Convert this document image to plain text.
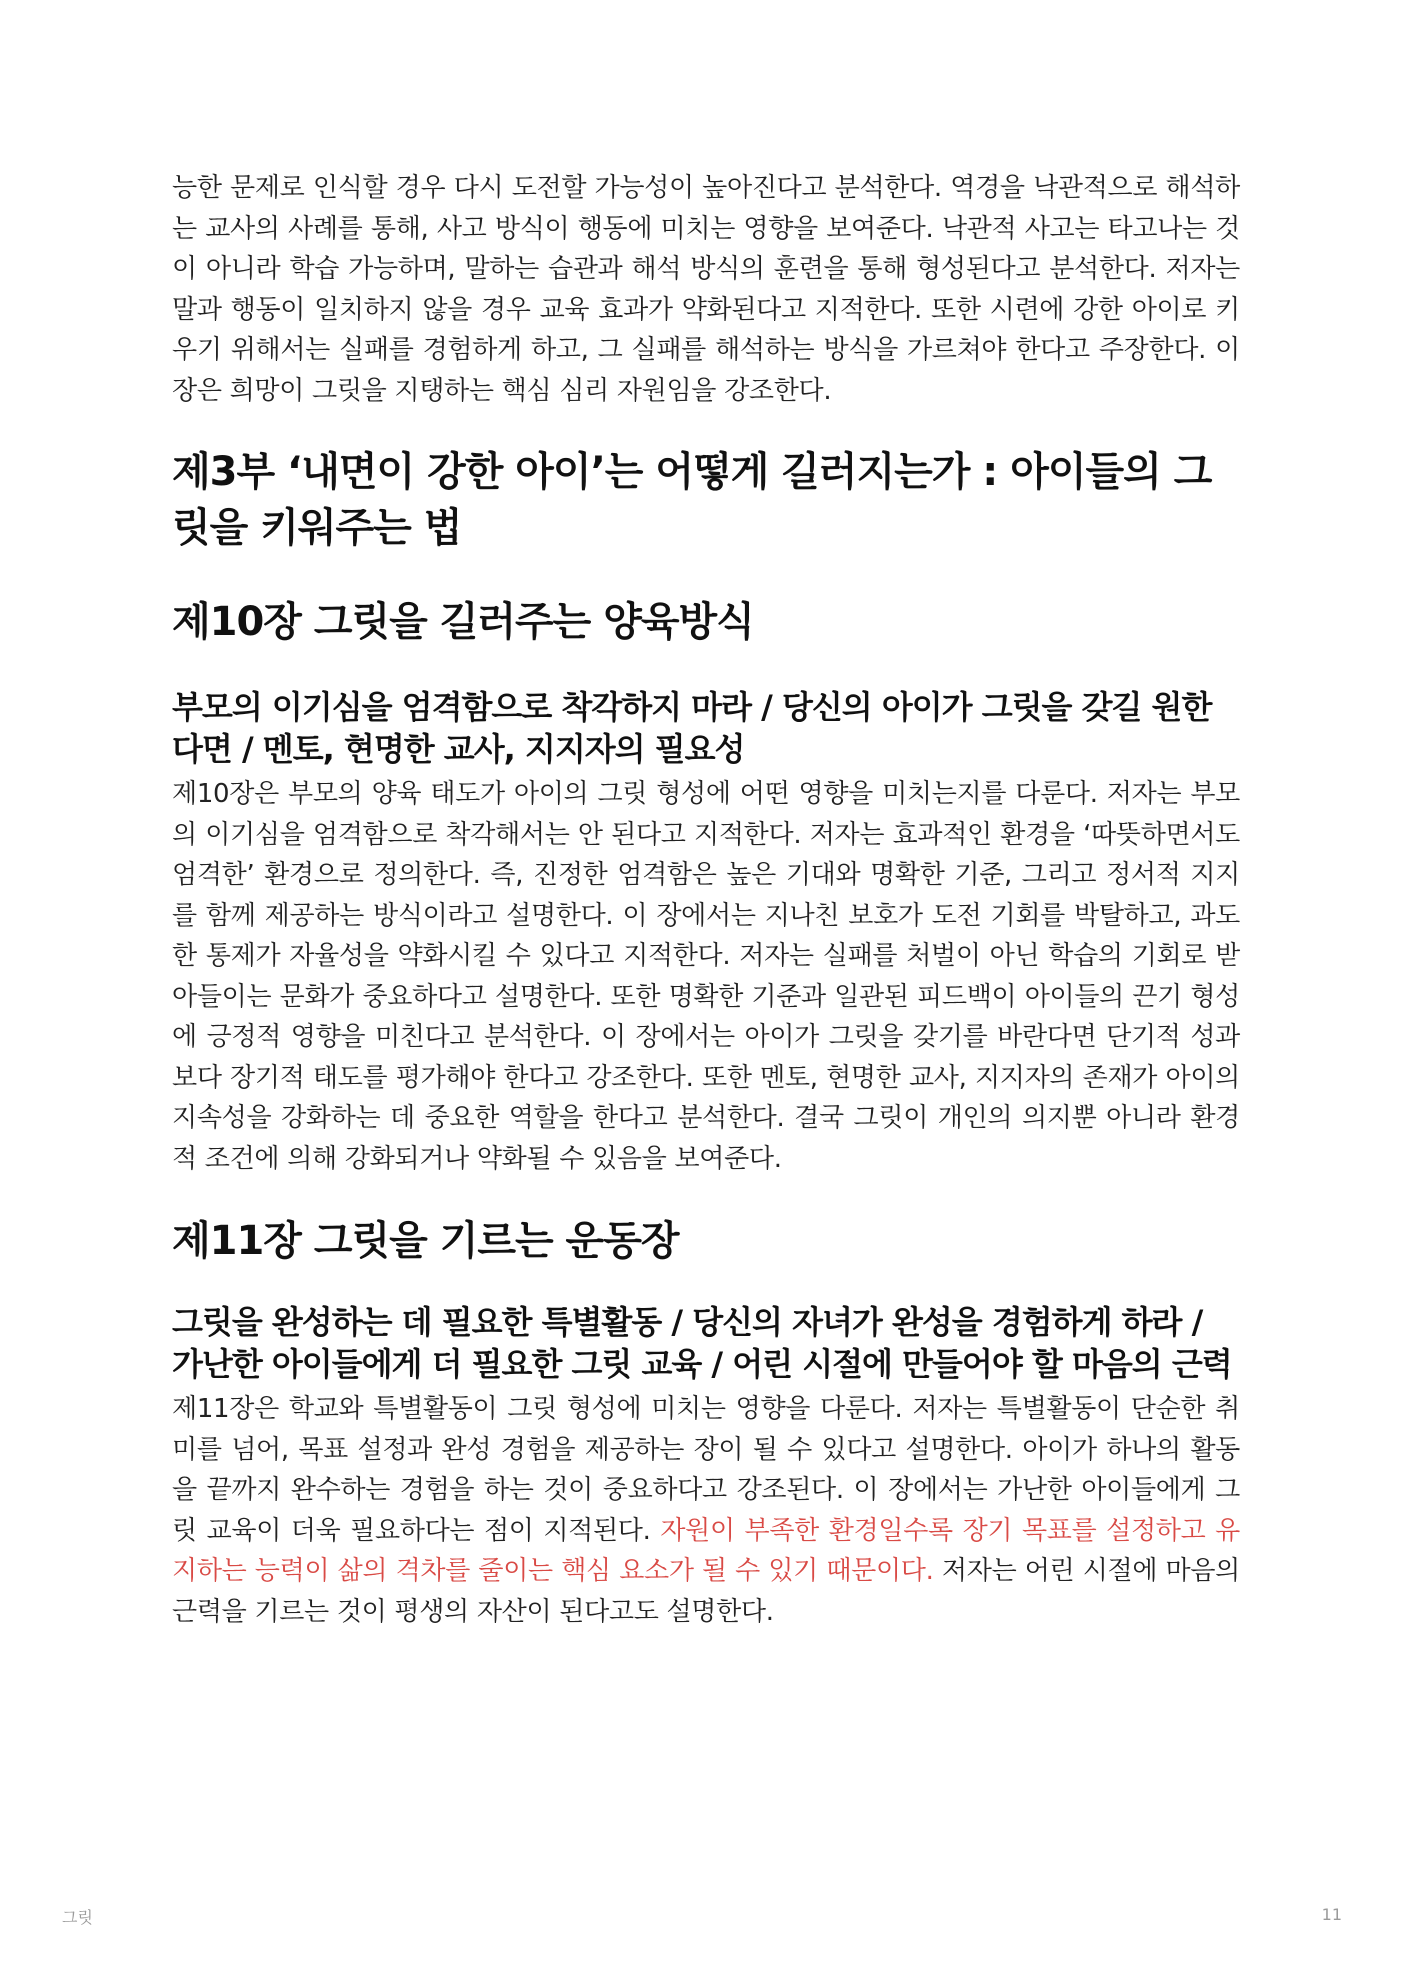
능한 문제로 인식할 경우 다시 도전할 가능성이 높아진다고 분석한다. 역경을 낙관적으로 해석하는 교사의 사례를 통해, 사고 방식이 행동에 미치는 영향을 보여준다. 낙관적 사고는 타고나는 것이 아니라 학습 가능하며, 말하는 습관과 해석 방식의 훈련을 통해 형성된다고 분석한다. 저자는 말과 행동이 일치하지 않을 경우 교육 효과가 약화된다고 지적한다. 또한 시련에 강한 아이로 키우기 위해서는 실패를 경험하게 하고, 그 실패를 해석하는 방식을 가르쳐야 한다고 주장한다. 이 장은 희망이 그릿을 지탱하는 핵심 심리 자원임을 강조한다.

제3부 ‘내면이 강한 아이’는 어떻게 길러지는가 : 아이들의 그릿을 키워주는 법
제10장 그릿을 길러주는 양육방식
부모의 이기심을 엄격함으로 착각하지 마라 / 당신의 아이가 그릿을 갖길 원한다면 / 멘토, 현명한 교사, 지지자의 필요성

제10장은 부모의 양육 태도가 아이의 그릿 형성에 어떤 영향을 미치는지를 다룬다. 저자는 부모의 이기심을 엄격함으로 착각해서는 안 된다고 지적한다. 저자는 효과적인 환경을 ‘따뜻하면서도 엄격한’ 환경으로 정의한다. 즉, 진정한 엄격함은 높은 기대와 명확한 기준, 그리고 정서적 지지를 함께 제공하는 방식이라고 설명한다. 이 장에서는 지나친 보호가 도전 기회를 박탈하고, 과도한 통제가 자율성을 약화시킬 수 있다고 지적한다. 저자는 실패를 처벌이 아닌 학습의 기회로 받아들이는 문화가 중요하다고 설명한다. 또한 명확한 기준과 일관된 피드백이 아이들의 끈기 형성에 긍정적 영향을 미친다고 분석한다. 이 장에서는 아이가 그릿을 갖기를 바란다면 단기적 성과보다 장기적 태도를 평가해야 한다고 강조한다. 또한 멘토, 현명한 교사, 지지자의 존재가 아이의 지속성을 강화하는 데 중요한 역할을 한다고 분석한다. 결국 그릿이 개인의 의지뿐 아니라 환경적 조건에 의해 강화되거나 약화될 수 있음을 보여준다.

제11장 그릿을 기르는 운동장
그릿을 완성하는 데 필요한 특별활동 / 당신의 자녀가 완성을 경험하게 하라 / 가난한 아이들에게 더 필요한 그릿 교육 / 어린 시절에 만들어야 할 마음의 근력

제11장은 학교와 특별활동이 그릿 형성에 미치는 영향을 다룬다. 저자는 특별활동이 단순한 취미를 넘어, 목표 설정과 완성 경험을 제공하는 장이 될 수 있다고 설명한다. 아이가 하나의 활동을 끝까지 완수하는 경험을 하는 것이 중요하다고 강조된다. 이 장에서는 가난한 아이들에게 그릿 교육이 더욱 필요하다는 점이 지적된다. 자원이 부족한 환경일수록 장기 목표를 설정하고 유지하는 능력이 삶의 격차를 줄이는 핵심 요소가 될 수 있기 때문이다. 저자는 어린 시절에 마음의 근력을 기르는 것이 평생의 자산이 된다고도 설명한다.

그릿	11
